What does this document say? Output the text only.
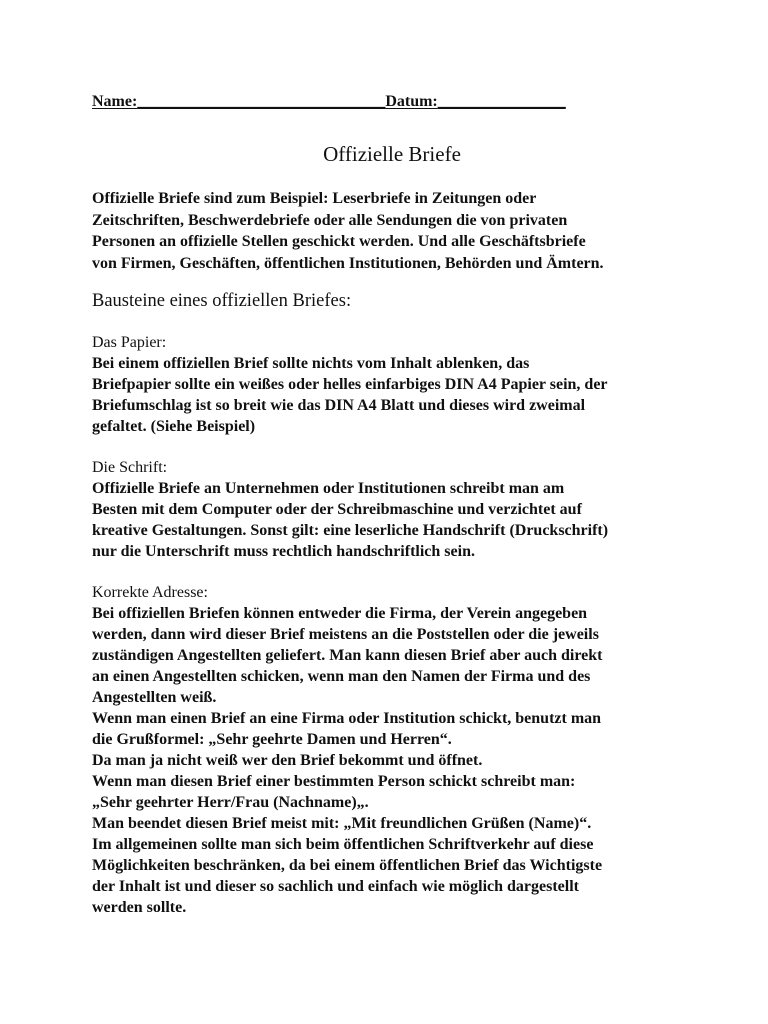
Name:_______________________________Datum:________________
Offizielle Briefe
Offizielle Briefe sind zum Beispiel: Leserbriefe in Zeitungen oder
Zeitschriften, Beschwerdebriefe oder alle Sendungen die von privaten
Personen an offizielle Stellen geschickt werden. Und alle Geschäftsbriefe
von Firmen, Geschäften, öffentlichen Institutionen, Behörden und Ämtern.
Bausteine eines offiziellen Briefes:
Das Papier:
Bei einem offiziellen Brief sollte nichts vom Inhalt ablenken, das
Briefpapier sollte ein weißes oder helles einfarbiges DIN A4 Papier sein, der
Briefumschlag ist so breit wie das DIN A4 Blatt und dieses wird zweimal
gefaltet. (Siehe Beispiel)
Die Schrift:
Offizielle Briefe an Unternehmen oder Institutionen schreibt man am
Besten mit dem Computer oder der Schreibmaschine und verzichtet auf
kreative Gestaltungen. Sonst gilt: eine leserliche Handschrift (Druckschrift)
nur die Unterschrift muss rechtlich handschriftlich sein.
Korrekte Adresse:
Bei offiziellen Briefen können entweder die Firma, der Verein angegeben
werden, dann wird dieser Brief meistens an die Poststellen oder die jeweils
zuständigen Angestellten geliefert. Man kann diesen Brief aber auch direkt
an einen Angestellten schicken, wenn man den Namen der Firma und des
Angestellten weiß.
Wenn man einen Brief an eine Firma oder Institution schickt, benutzt man
die Grußformel: „Sehr geehrte Damen und Herren“.
Da man ja nicht weiß wer den Brief bekommt und öffnet.
Wenn man diesen Brief einer bestimmten Person schickt schreibt man:
„Sehr geehrter Herr/Frau (Nachname)„.
Man beendet diesen Brief meist mit: „Mit freundlichen Grüßen (Name)“.
Im allgemeinen sollte man sich beim öffentlichen Schriftverkehr auf diese
Möglichkeiten beschränken, da bei einem öffentlichen Brief das Wichtigste
der Inhalt ist und dieser so sachlich und einfach wie möglich dargestellt
werden sollte.
